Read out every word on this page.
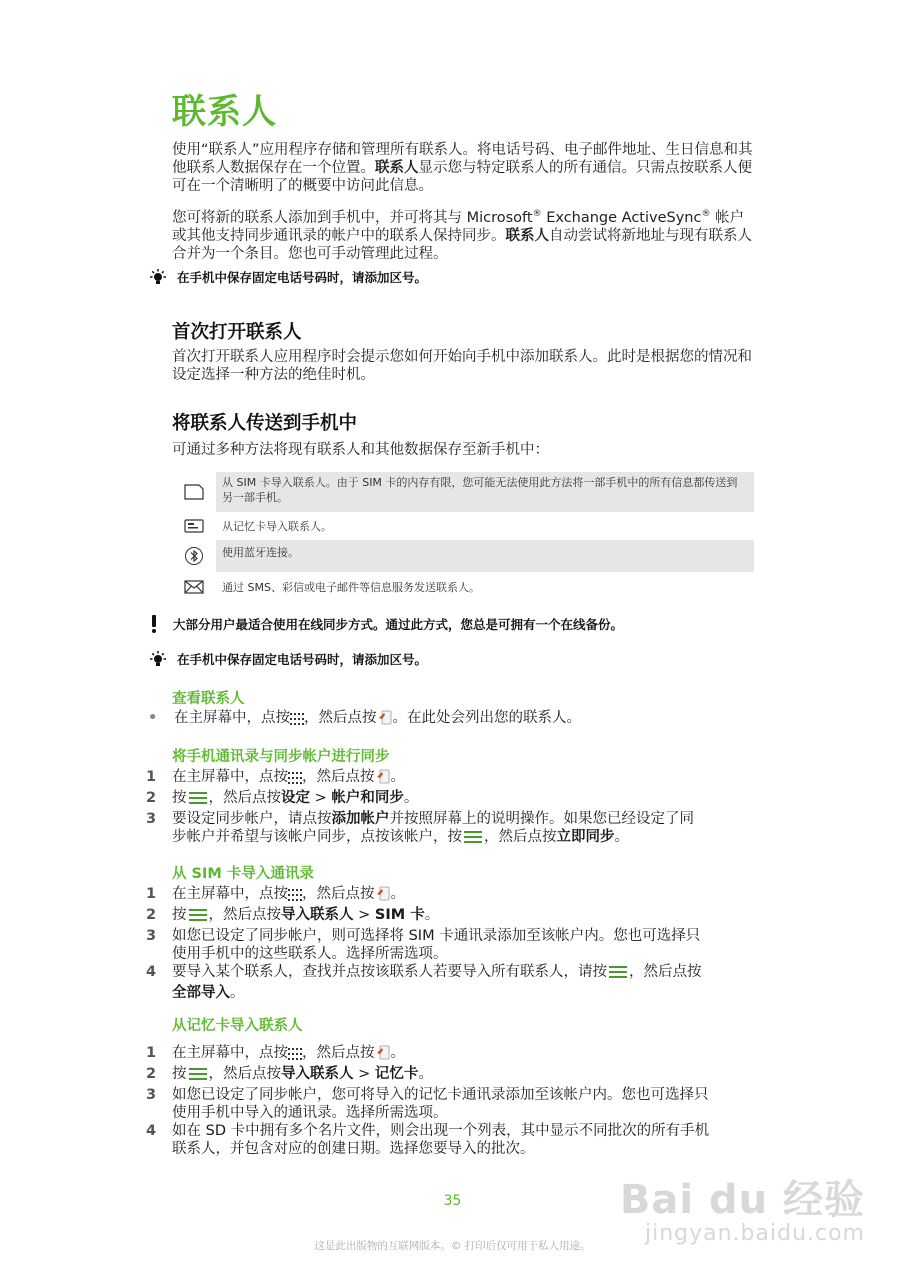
联系人
使用“联系人”应用程序存储和管理所有联系人。将电话号码、电子邮件地址、生日信息和其他联系人数据保存在一个位置。联系人显示您与特定联系人的所有通信。只需点按联系人便可在一个清晰明了的概要中访问此信息。
您可将新的联系人添加到手机中，并可将其与 Microsoft® Exchange ActiveSync® 帐户或其他支持同步通讯录的帐户中的联系人保持同步。联系人自动尝试将新地址与现有联系人合并为一个条目。您也可手动管理此过程。
在手机中保存固定电话号码时，请添加区号。
首次打开联系人
首次打开联系人应用程序时会提示您如何开始向手机中添加联系人。此时是根据您的情况和设定选择一种方法的绝佳时机。
将联系人传送到手机中
可通过多种方法将现有联系人和其他数据保存至新手机中：
从 SIM 卡导入联系人。由于 SIM 卡的内存有限，您可能无法使用此方法将一部手机中的所有信息都传送到另一部手机。
从记忆卡导入联系人。
使用蓝牙连接。
通过 SMS、彩信或电子邮件等信息服务发送联系人。
大部分用户最适合使用在线同步方式。通过此方式，您总是可拥有一个在线备份。
在手机中保存固定电话号码时，请添加区号。
查看联系人
•	在主屏幕中，点按 ，然后点按 。在此处会列出您的联系人。
将手机通讯录与同步帐户进行同步
1	在主屏幕中，点按 ，然后点按 。
2	按 ，然后点按设定 > 帐户和同步。
3	要设定同步帐户，请点按添加帐户并按照屏幕上的说明操作。如果您已经设定了同步帐户并希望与该帐户同步，点按该帐户，按 ，然后点按立即同步。
从 SIM 卡导入通讯录
1	在主屏幕中，点按 ，然后点按 。
2	按 ，然后点按导入联系人 > SIM 卡。
3	如您已设定了同步帐户，则可选择将 SIM 卡通讯录添加至该帐户内。您也可选择只使用手机中的这些联系人。选择所需选项。
4	要导入某个联系人，查找并点按该联系人若要导入所有联系人，请按 ，然后点按全部导入。
从记忆卡导入联系人
1	在主屏幕中，点按 ，然后点按 。
2	按 ，然后点按导入联系人 > 记忆卡。
3	如您已设定了同步帐户，您可将导入的记忆卡通讯录添加至该帐户内。您也可选择只使用手机中导入的通讯录。选择所需选项。
4	如在 SD 卡中拥有多个名片文件，则会出现一个列表，其中显示不同批次的所有手机联系人，并包含对应的创建日期。选择您要导入的批次。
35
这是此出版物的互联网版本。© 打印后仅可用于私人用途。
Bai du 经验
jingyan.baidu.com
